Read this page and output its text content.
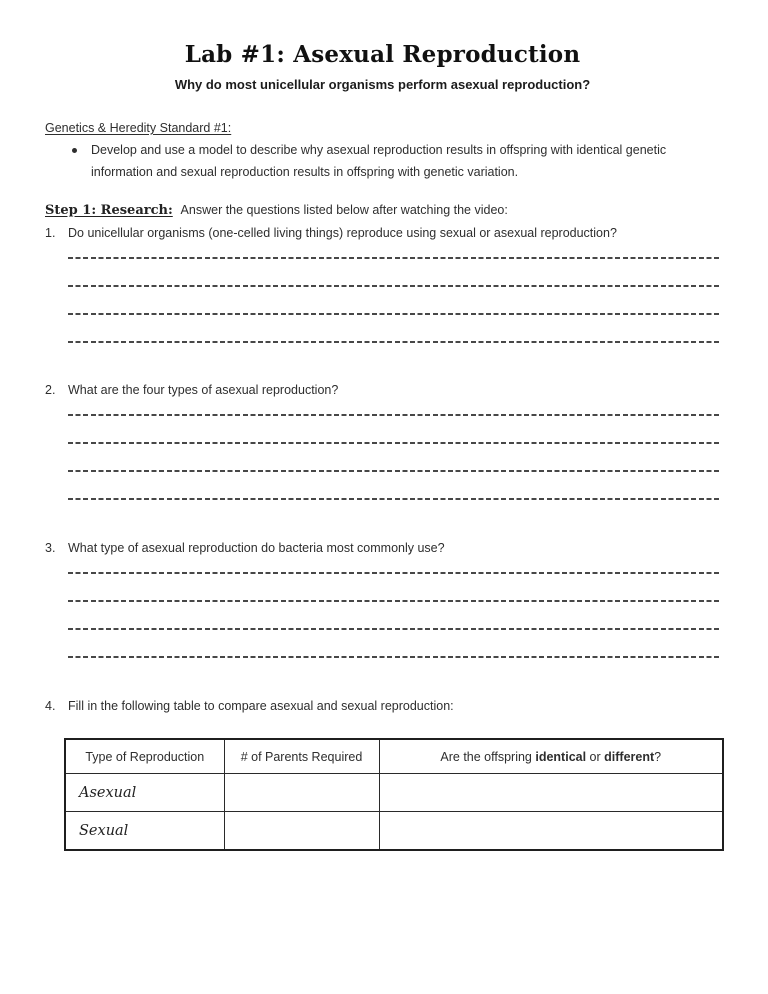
Lab #1: Asexual Reproduction
Why do most unicellular organisms perform asexual reproduction?
Genetics & Heredity Standard #1:
Develop and use a model to describe why asexual reproduction results in offspring with identical genetic information and sexual reproduction results in offspring with genetic variation.
Step 1: Research: Answer the questions listed below after watching the video:
1.	Do unicellular organisms (one-celled living things) reproduce using sexual or asexual reproduction?
2.	What are the four types of asexual reproduction?
3.	What type of asexual reproduction do bacteria most commonly use?
4.	Fill in the following table to compare asexual and sexual reproduction:
Type of Reproduction	# of Parents Required	Are the offspring identical or different?
Asexual		
Sexual		
